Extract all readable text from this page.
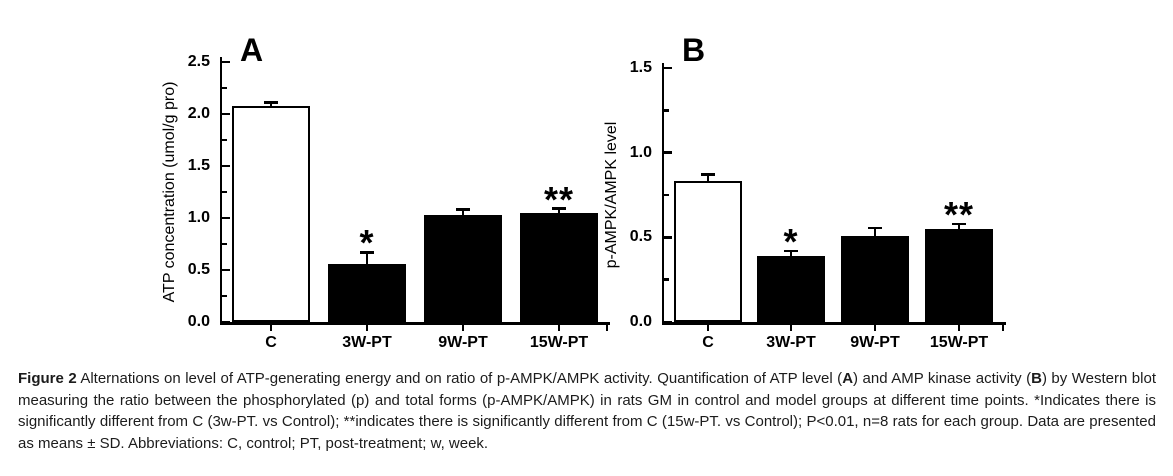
0.0
0.5
1.0
1.5
2.0
2.5
C	3W-PT
*
9W-PT	15W-PT
**
ATP concentration (umol/g pro)
A
0.0
0.5
1.0
1.5
C	3W-PT
*
9W-PT	15W-PT
**
p-AMPK/AMPK level
B

Figure 2 Alternations on level of ATP-generating energy and on ratio of p-AMPK/AMPK activity. Quantification of ATP level (A) and AMP kinase activity (B) by Western blot measuring the ratio between the phosphorylated (p) and total forms (p-AMPK/AMPK) in rats GM in control and model groups at different time points. *Indicates there is significantly different from C (3w-PT. vs Control); **indicates there is significantly different from C (15w-PT. vs Control); P<0.01, n=8 rats for each group. Data are presented as means ± SD. Abbreviations: C, control; PT, post-treatment; w, week.
